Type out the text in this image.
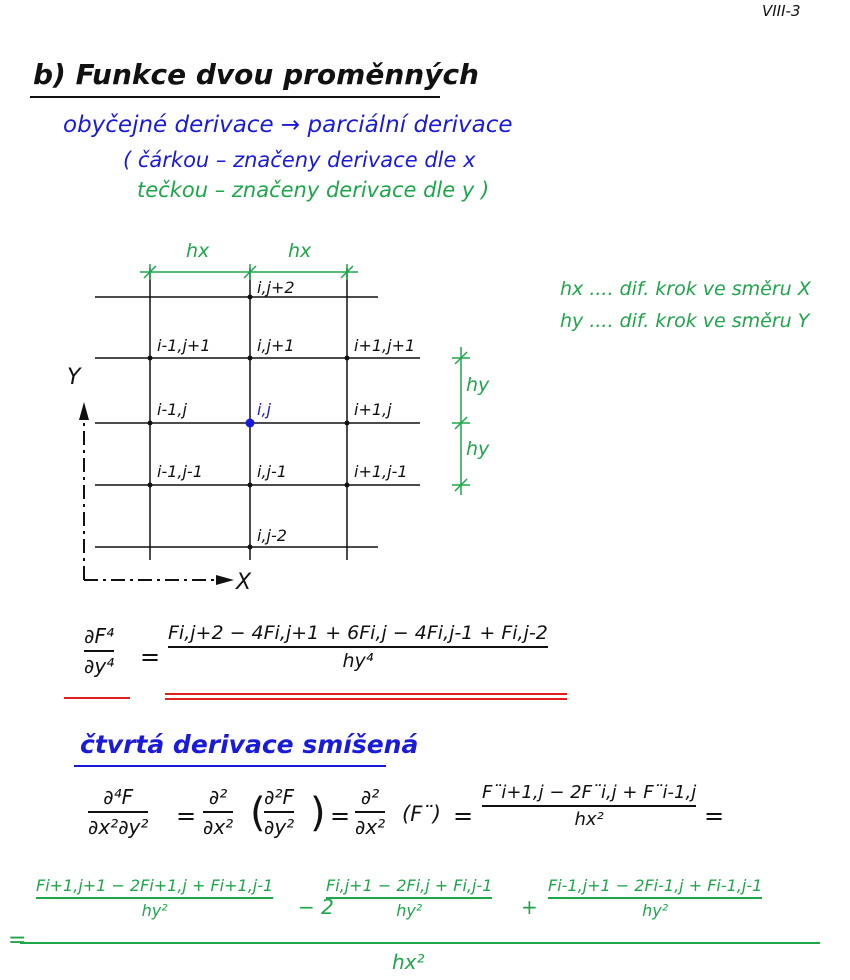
VIII-3
b) Funkce dvou proměnných
obyčejné derivace → parciální derivace
( čárkou – značeny derivace dle x
tečkou – značeny derivace dle y )
hx	hx
hy
hy
Y
X
i,j+2
i-1,j+1	i,j+1	i+1,j+1
i-1,j	i,j	i+1,j
i-1,j-1	i,j-1	i+1,j-1
i,j-2
hx .... dif. krok ve směru X
hy .... dif. krok ve směru Y
∂F⁴
∂y⁴ =
Fi,j+2 − 4Fi,j+1 + 6Fi,j − 4Fi,j-1 + Fi,j-2
hy⁴
čtvrtá derivace smíšená
∂⁴F
∂x²∂y² =
∂²
∂x² (
∂²F
∂y² ) =
∂²
∂x²
(F¨) =
F¨i+1,j − 2F¨i,j + F¨i-1,j
hx²	=
Fi+1,j+1 − 2Fi+1,j + Fi+1,j-1
hy²	− 2
Fi,j+1 − 2Fi,j + Fi,j-1
hy²	+
Fi-1,j+1 − 2Fi-1,j + Fi-1,j-1
hy²
=
hx²
